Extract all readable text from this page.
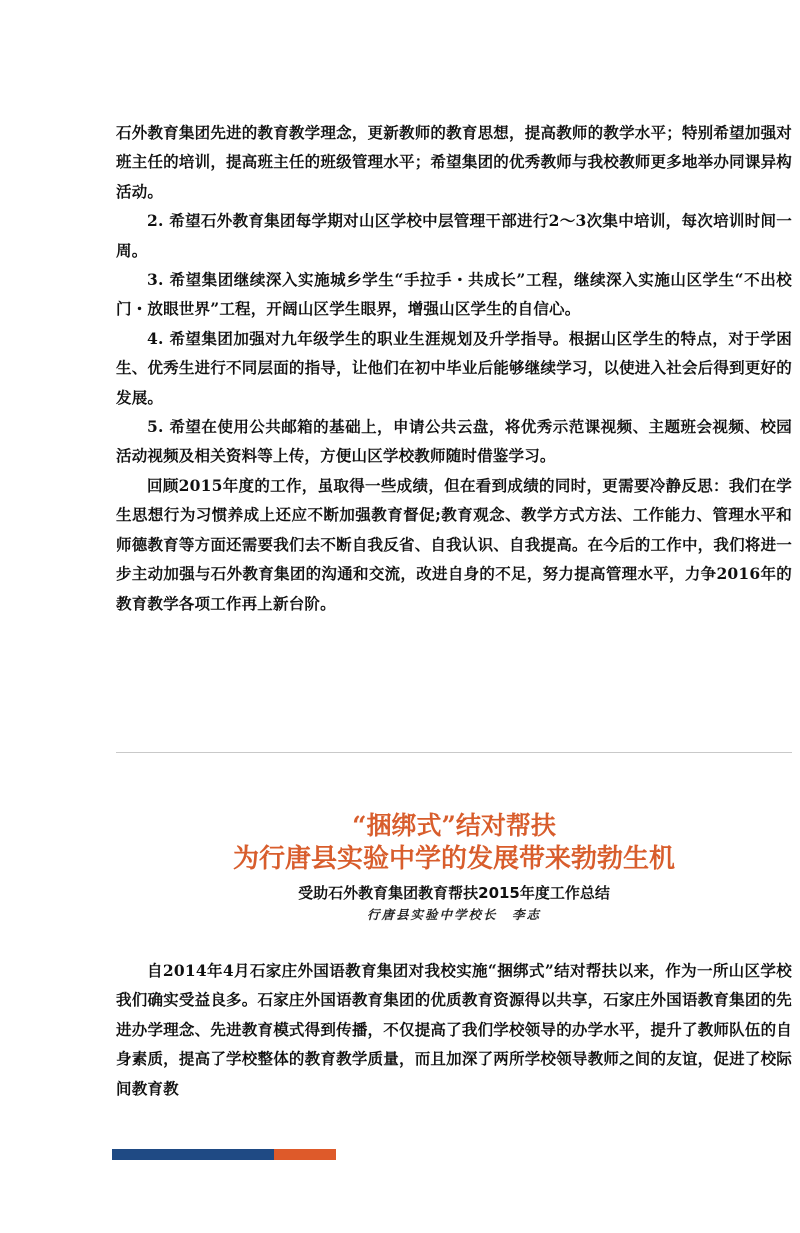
石外教育集团先进的教育教学理念，更新教师的教育思想，提高教师的教学水平；特别希望加强对班主任的培训，提高班主任的班级管理水平；希望集团的优秀教师与我校教师更多地举办同课异构活动。

2. 希望石外教育集团每学期对山区学校中层管理干部进行2～3次集中培训，每次培训时间一周。

3. 希望集团继续深入实施城乡学生“手拉手・共成长”工程，继续深入实施山区学生“不出校门・放眼世界”工程，开阔山区学生眼界，增强山区学生的自信心。

4. 希望集团加强对九年级学生的职业生涯规划及升学指导。根据山区学生的特点，对于学困生、优秀生进行不同层面的指导，让他们在初中毕业后能够继续学习，以使进入社会后得到更好的发展。

5. 希望在使用公共邮箱的基础上，申请公共云盘，将优秀示范课视频、主题班会视频、校园活动视频及相关资料等上传，方便山区学校教师随时借鉴学习。

回顾2015年度的工作，虽取得一些成绩，但在看到成绩的同时，更需要冷静反思：我们在学生思想行为习惯养成上还应不断加强教育督促;教育观念、教学方式方法、工作能力、管理水平和师德教育等方面还需要我们去不断自我反省、自我认识、自我提高。在今后的工作中，我们将进一步主动加强与石外教育集团的沟通和交流，改进自身的不足，努力提高管理水平，力争2016年的教育教学各项工作再上新台阶。

“捆绑式”结对帮扶
为行唐县实验中学的发展带来勃勃生机
受助石外教育集团教育帮扶2015年度工作总结
行唐县实验中学校长　李志

自2014年4月石家庄外国语教育集团对我校实施“捆绑式”结对帮扶以来，作为一所山区学校我们确实受益良多。石家庄外国语教育集团的优质教育资源得以共享，石家庄外国语教育集团的先进办学理念、先进教育模式得到传播，不仅提高了我们学校领导的办学水平，提升了教师队伍的自身素质，提高了学校整体的教育教学质量，而且加深了两所学校领导教师之间的友谊，促进了校际间教育教
